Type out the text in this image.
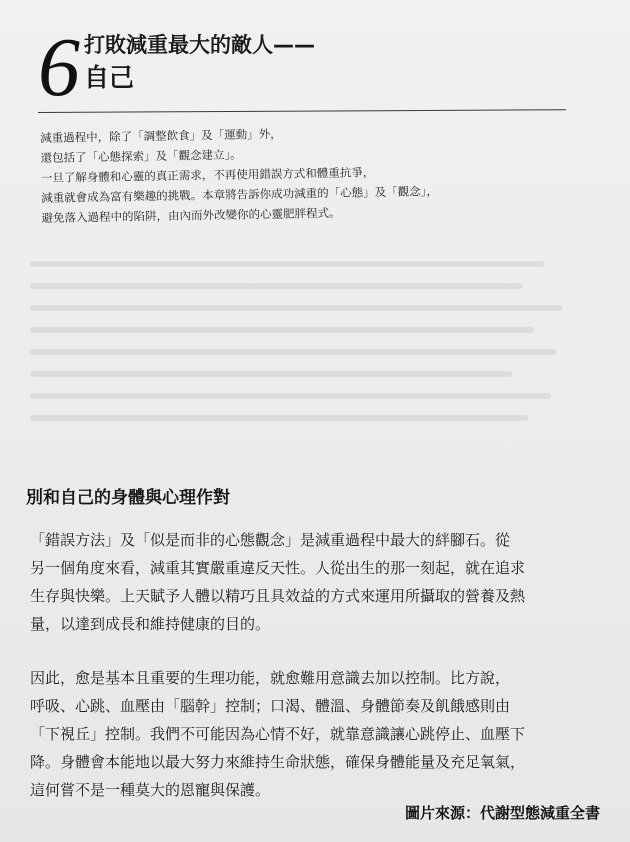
6 打敗減重最大的敵人——
自己
減重過程中，除了「調整飲食」及「運動」外，
還包括了「心態探索」及「觀念建立」。
一旦了解身體和心靈的真正需求，不再使用錯誤方式和體重抗爭，
減重就會成為富有樂趣的挑戰。本章將告訴你成功減重的「心態」及「觀念」，
避免落入過程中的陷阱，由內而外改變你的心靈肥胖程式。
別和自己的身體與心理作對
「錯誤方法」及「似是而非的心態觀念」是減重過程中最大的絆腳石。從
另一個角度來看，減重其實嚴重違反天性。人從出生的那一刻起，就在追求
生存與快樂。上天賦予人體以精巧且具效益的方式來運用所攝取的營養及熱
量，以達到成長和維持健康的目的。
因此，愈是基本且重要的生理功能，就愈難用意識去加以控制。比方說，
呼吸、心跳、血壓由「腦幹」控制；口渴、體溫、身體節奏及飢餓感則由
「下視丘」控制。我們不可能因為心情不好，就靠意識讓心跳停止、血壓下
降。身體會本能地以最大努力來維持生命狀態，確保身體能量及充足氧氣，
這何嘗不是一種莫大的恩寵與保護。
圖片來源：代謝型態減重全書
